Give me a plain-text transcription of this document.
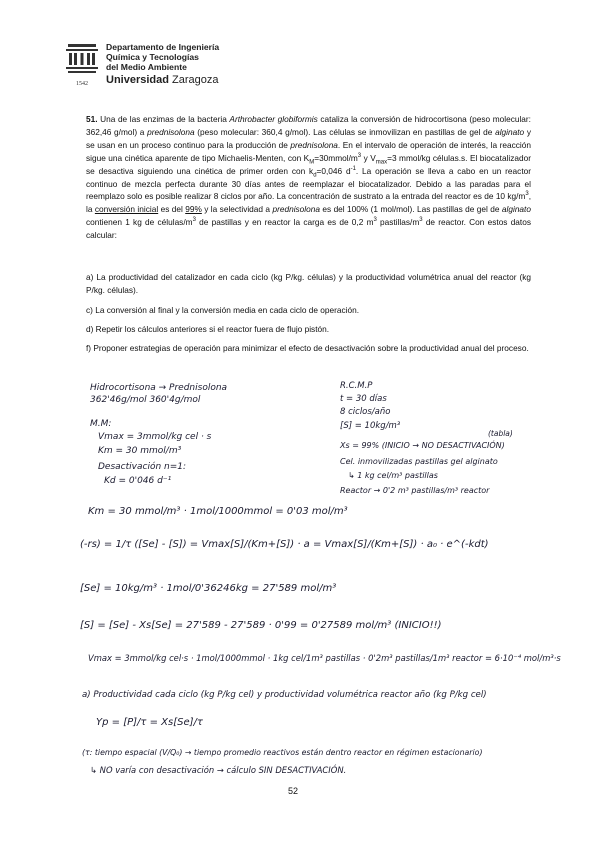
1542
Departamento de Ingeniería
Química y Tecnologías
del Medio Ambiente
Universidad Zaragoza

51. Una de las enzimas de la bacteria Arthrobacter globiformis cataliza la conversión de hidrocortisona (peso molecular: 362,46 g/mol) a prednisolona (peso molecular: 360,4 g/mol). Las células se inmovilizan en pastillas de gel de alginato y se usan en un proceso continuo para la producción de prednisolona. En el intervalo de operación de interés, la reacción sigue una cinética aparente de tipo Michaelis-Menten, con $K_M=30mmol/m^3$ y $V_{max}=3$ mmol/kg células.s. El biocatalizador se desactiva siguiendo una cinética de primer orden con $k_d=0,046$ $d^{-1}$. La operación se lleva a cabo en un reactor continuo de mezcla perfecta durante 30 días antes de reemplazar el biocatalizador. Debido a las paradas para el reemplazo solo es posible realizar 8 ciclos por año. La concentración de sustrato a la entrada del reactor es de 10 $kg/m^3$, la conversión inicial es del 99% y la selectividad a prednisolona es del 100% (1 mol/mol). Las pastillas de gel de alginato contienen 1 kg de células/$m^3$ de pastillas y en reactor la carga es de 0,2 $m^3$ pastillas/$m^3$ de reactor. Con estos datos calcular:

a) La productividad del catalizador en cada ciclo (kg P/kg. células) y la productividad volumétrica anual del reactor (kg P/kg. células).
c) La conversión al final y la conversión media en cada ciclo de operación.
d) Repetir los cálculos anteriores si el reactor fuera de flujo pistón.
f) Proponer estrategias de operación para minimizar el efecto de desactivación sobre la productividad anual del proceso.
Hidrocortisona → Prednisolona
362'46g/mol 360'4g/mol
M.M:
Vmax = 3mmol/kg cel · s
Km = 30 mmol/m³
Desactivación n=1:
Kd = 0'046 d⁻¹
R.C.M.P
t = 30 días
8 ciclos/año
(tabla)
[S] = 10kg/m³
Xs = 99% (INICIO → NO DESACTIVACIÓN)
Cel. inmovilizadas pastillas gel alginato
↳ 1 kg cel/m³ pastillas
Reactor → 0'2 m³ pastillas/m³ reactor
Km = 30 mmol/m³ · 1mol/1000mmol = 0'03 mol/m³
(-rs) = 1/τ ([Se] - [S]) = Vmax[S]/(Km+[S]) · a = Vmax[S]/(Km+[S]) · a₀ · e^(-kdt)
[Se] = 10kg/m³ · 1mol/0'36246kg = 27'589 mol/m³
[S] = [Se] - Xs[Se] = 27'589 - 27'589 · 0'99 = 0'27589 mol/m³ (INICIO!!)
Vmax = 3mmol/kg cel·s · 1mol/1000mmol · 1kg cel/1m³ pastillas · 0'2m³ pastillas/1m³ reactor = 6·10⁻⁴ mol/m³·s
a) Productividad cada ciclo (kg P/kg cel) y productividad volumétrica reactor año (kg P/kg cel)
Yp = [P]/τ = Xs[Se]/τ
(τ: tiempo espacial (V/Q₀) → tiempo promedio reactivos están dentro reactor en régimen estacionario)
↳ NO varía con desactivación → cálculo SIN DESACTIVACIÓN.
52
